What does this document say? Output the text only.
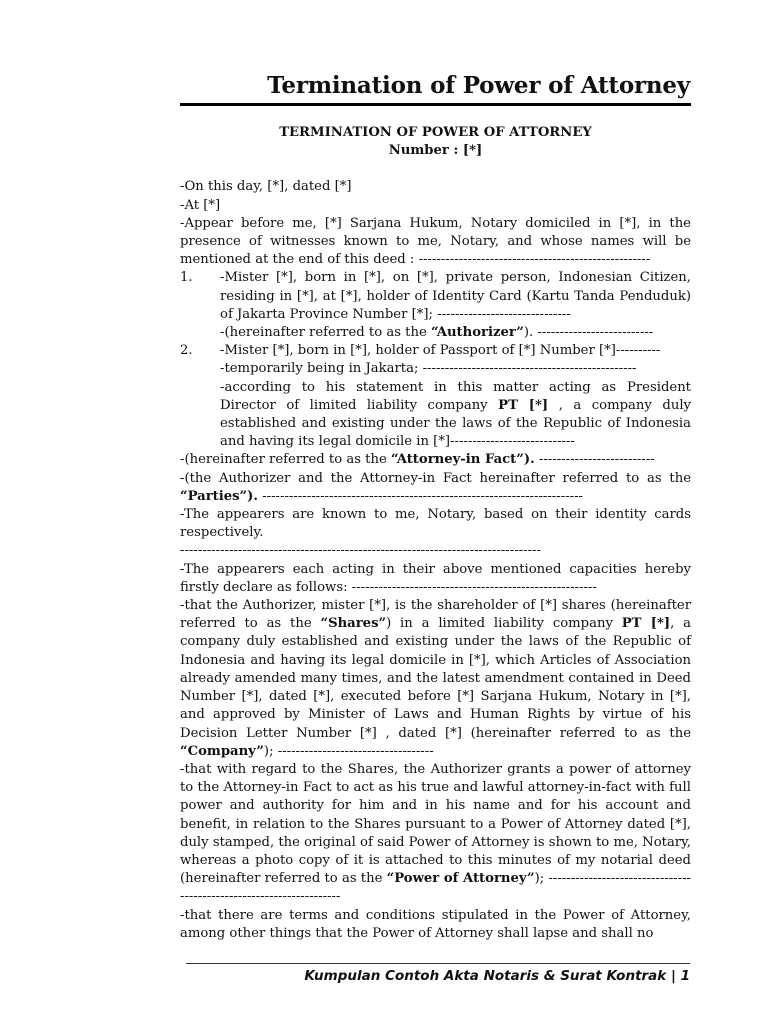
Termination of Power of Attorney
TERMINATION OF POWER OF ATTORNEY
Number : [*]

-On this day, [*], dated [*]

-At [*]

-Appear before me, [*] Sarjana Hukum, Notary domiciled in [*], in the presence of witnesses known to me, Notary, and whose names will be mentioned at the end of this deed : ----------------------------------------------------

1.	-Mister [*], born in [*], on [*], private person, Indonesian Citizen, residing in [*], at [*], holder of Identity Card (Kartu Tanda Penduduk) of Jakarta Province Number [*]; ------------------------------

-(hereinafter referred to as the “Authorizer”). --------------------------

2.	-Mister [*], born in [*], holder of Passport of [*] Number [*]----------

-temporarily being in Jakarta; ------------------------------------------------

-according to his statement in this matter acting as President Director of limited liability company PT [*] , a company duly established and existing under the laws of the Republic of Indonesia and having its legal domicile in [*]----------------------------

-(hereinafter referred to as the “Attorney-in Fact”). --------------------------

-(the Authorizer and the Attorney-in Fact hereinafter referred to as the “Parties”). ------------------------------------------------------------------------

-The appearers are known to me, Notary, based on their identity cards respectively.

---------------------------------------------------------------------------------

-The appearers each acting in their above mentioned capacities hereby firstly declare as follows: -------------------------------------------------------

-that the Authorizer, mister [*], is the shareholder of [*] shares (hereinafter referred to as the “Shares”) in a limited liability company PT [*], a company duly established and existing under the laws of the Republic of Indonesia and having its legal domicile in [*], which Articles of Association already amended many times, and the latest amendment contained in Deed Number [*], dated [*], executed before [*] Sarjana Hukum, Notary in [*], and approved by Minister of Laws and Human Rights by virtue of his Decision Letter Number [*] , dated [*] (hereinafter referred to as the “Company”); -----------------------------------

-that with regard to the Shares, the Authorizer grants a power of attorney to the Attorney-in Fact to act as his true and lawful attorney-in-fact with full power and authority for him and in his name and for his account and benefit, in relation to the Shares pursuant to a Power of Attorney dated [*], duly stamped, the original of said Power of Attorney is shown to me, Notary, whereas a photo copy of it is attached to this minutes of my notarial deed (hereinafter referred to as the “Power of Attorney”); --------------------------------------------------------------------

-that there are terms and conditions stipulated in the Power of Attorney, among other things that the Power of Attorney shall lapse and shall no

Kumpulan Contoh Akta Notaris & Surat Kontrak | 1
